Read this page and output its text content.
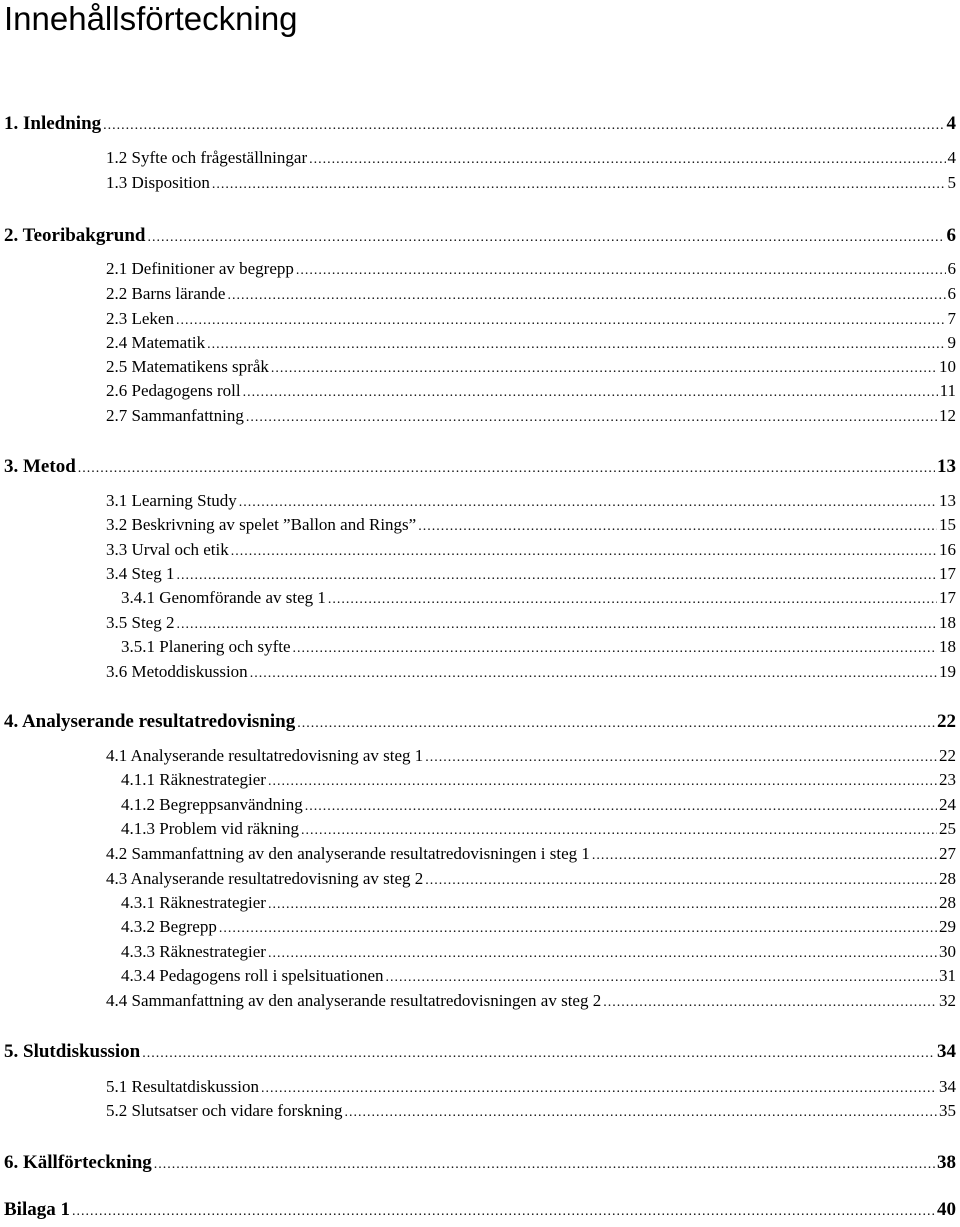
Innehållsförteckning
1. Inledning .....	4
1.2 Syfte och frågeställningar .....	4
1.3 Disposition .....	5
2. Teoribakgrund .....	6
2.1 Definitioner av begrepp .....	6
2.2 Barns lärande .....	6
2.3 Leken .....	7
2.4 Matematik .....	9
2.5 Matematikens språk .....	10
2.6 Pedagogens roll .....	11
2.7 Sammanfattning .....	12
3. Metod .....	13
3.1 Learning Study .....	13
3.2 Beskrivning av spelet ”Ballon and Rings” .....	15
3.3 Urval och etik .....	16
3.4 Steg 1 .....	17
3.4.1 Genomförande av steg 1 .....	17
3.5 Steg 2 .....	18
3.5.1 Planering och syfte .....	18
3.6 Metoddiskussion .....	19
4. Analyserande resultatredovisning .....	22
4.1 Analyserande resultatredovisning av steg 1 .....	22
4.1.1 Räknestrategier .....	23
4.1.2 Begreppsanvändning .....	24
4.1.3 Problem vid räkning .....	25
4.2 Sammanfattning av den analyserande resultatredovisningen i steg 1 .....	27
4.3 Analyserande resultatredovisning av steg 2 .....	28
4.3.1 Räknestrategier .....	28
4.3.2 Begrepp .....	29
4.3.3 Räknestrategier .....	30
4.3.4 Pedagogens roll i spelsituationen .....	31
4.4 Sammanfattning av den analyserande resultatredovisningen av steg 2 .....	32
5. Slutdiskussion .....	34
5.1 Resultatdiskussion .....	34
5.2 Slutsatser och vidare forskning .....	35
6. Källförteckning .....	38
Bilaga 1 .....	40
